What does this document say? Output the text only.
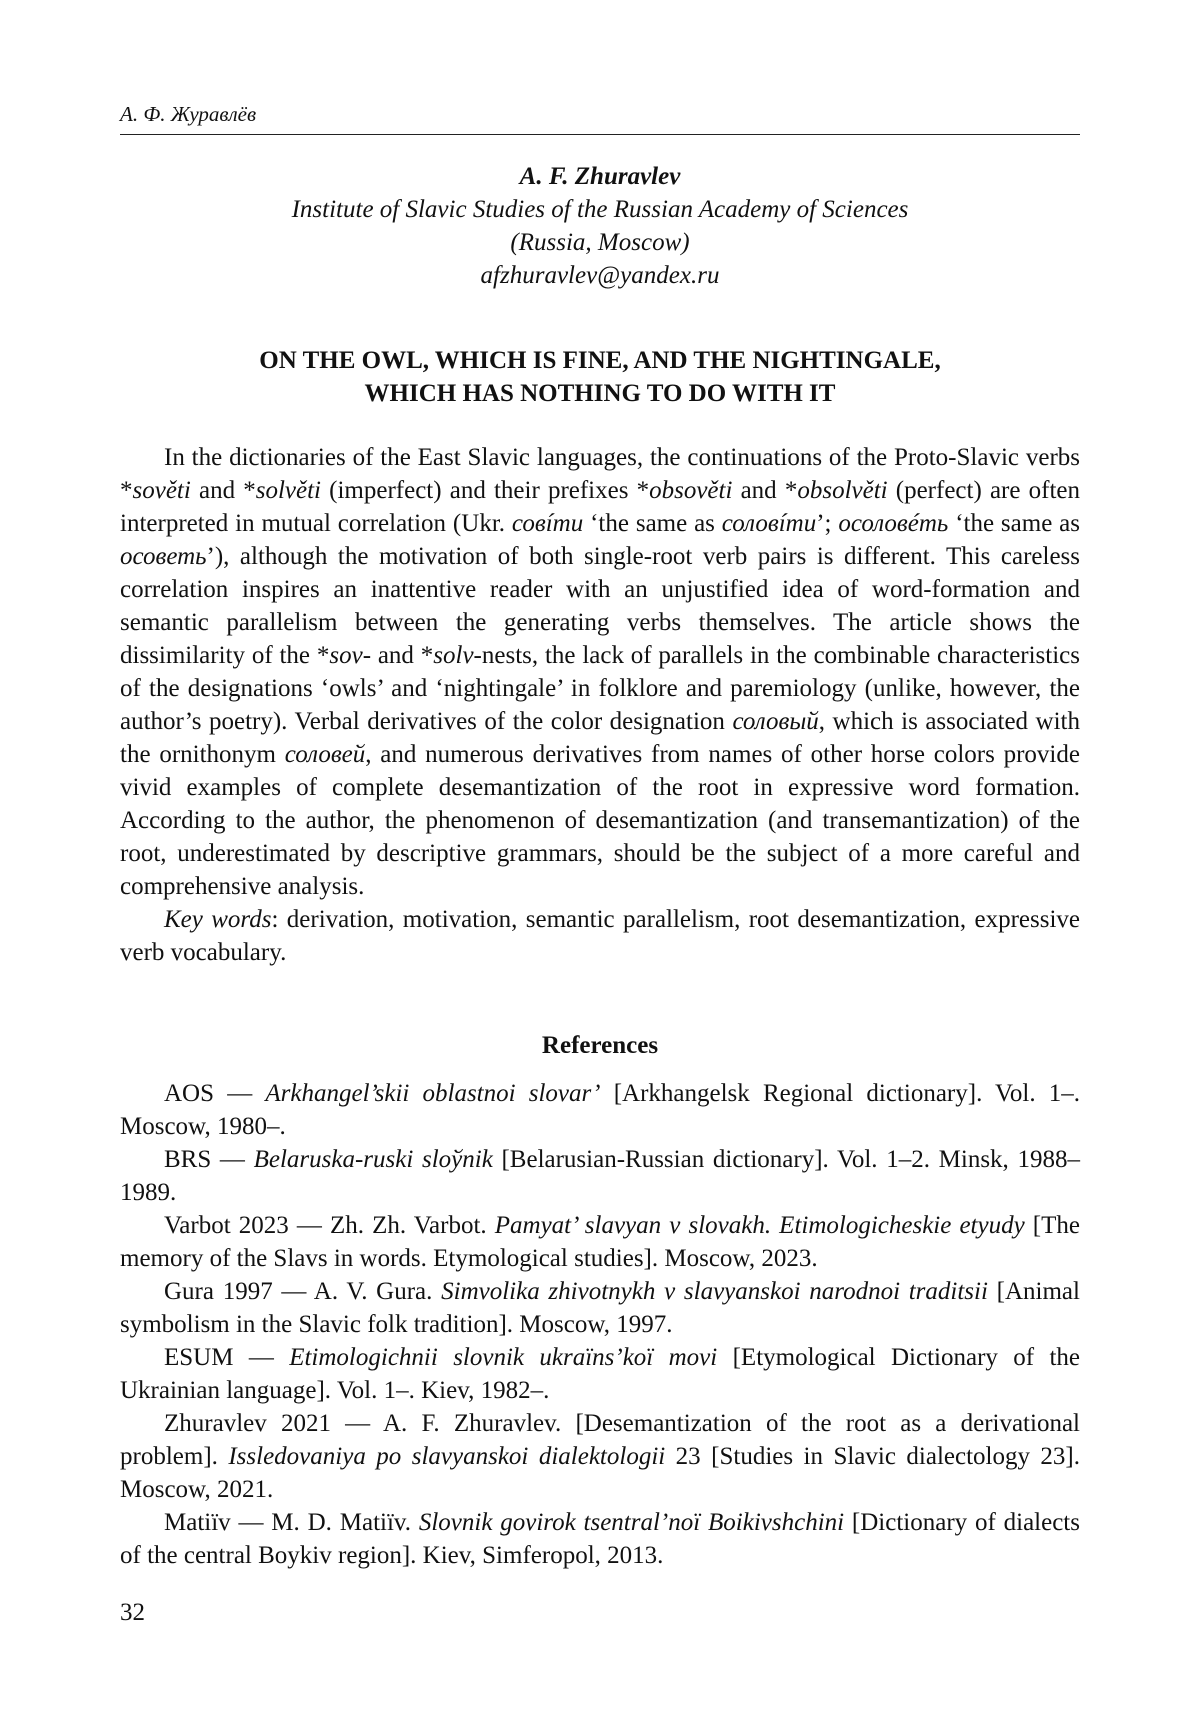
А. Ф. Журавлёв
A. F. Zhuravlev
Institute of Slavic Studies of the Russian Academy of Sciences
(Russia, Moscow)
afzhuravlev@yandex.ru
ON THE OWL, WHICH IS FINE, AND THE NIGHTINGALE,
WHICH HAS NOTHING TO DO WITH IT

In the dictionaries of the East Slavic languages, the continuations of the Proto-Slavic verbs *sověti and *solvěti (imperfect) and their prefixes *obsověti and *obsolvěti (perfect) are often interpreted in mutual correlation (Ukr. совíти ‘the same as соловíти’; осоловéть ‘the same as осоветь’), although the motivation of both single-root verb pairs is different. This careless correlation inspires an inattentive reader with an unjustified idea of word-formation and semantic parallelism between the generating verbs themselves. The article shows the dissimilarity of the *sov- and *solv-nests, the lack of parallels in the combinable characteristics of the designations ‘owls’ and ‘nightingale’ in folklore and paremiology (unlike, however, the author’s poetry). Verbal derivatives of the color designation соловый, which is associated with the ornithonym соловей, and numerous derivatives from names of other horse colors provide vivid examples of complete desemantization of the root in expressive word formation. According to the author, the phenomenon of desemantization (and transemantization) of the root, underestimated by descriptive grammars, should be the subject of a more careful and comprehensive analysis.

Key words: derivation, motivation, semantic parallelism, root desemantization, expressive verb vocabulary.

References

AOS — Arkhangel’skii oblastnoi slovar’ [Arkhangelsk Regional dictionary]. Vol. 1–. Moscow, 1980–.

BRS — Belaruska-ruski sloўnik [Belarusian-Russian dictionary]. Vol. 1–2. Minsk, 1988–1989.

Varbot 2023 — Zh. Zh. Varbot. Pamyat’ slavyan v slovakh. Etimologicheskie etyudy [The memory of the Slavs in words. Etymological studies]. Moscow, 2023.

Gura 1997 — A. V. Gura. Simvolika zhivotnykh v slavyanskoi narodnoi traditsii [Animal symbolism in the Slavic folk tradition]. Moscow, 1997.

ESUM — Etimologichnii slovnik ukraїns’koї movi [Etymological Dictionary of the Ukrainian language]. Vol. 1–. Kiev, 1982–.

Zhuravlev 2021 — A. F. Zhuravlev. [Desemantization of the root as a derivational problem]. Issledovaniya po slavyanskoi dialektologii 23 [Studies in Slavic dialectology 23]. Moscow, 2021.

Matiїv — M. D. Matiїv. Slovnik govirok tsentral’noї Boikivshchini [Dictionary of dialects of the central Boykiv region]. Kiev, Simferopol, 2013.

32
